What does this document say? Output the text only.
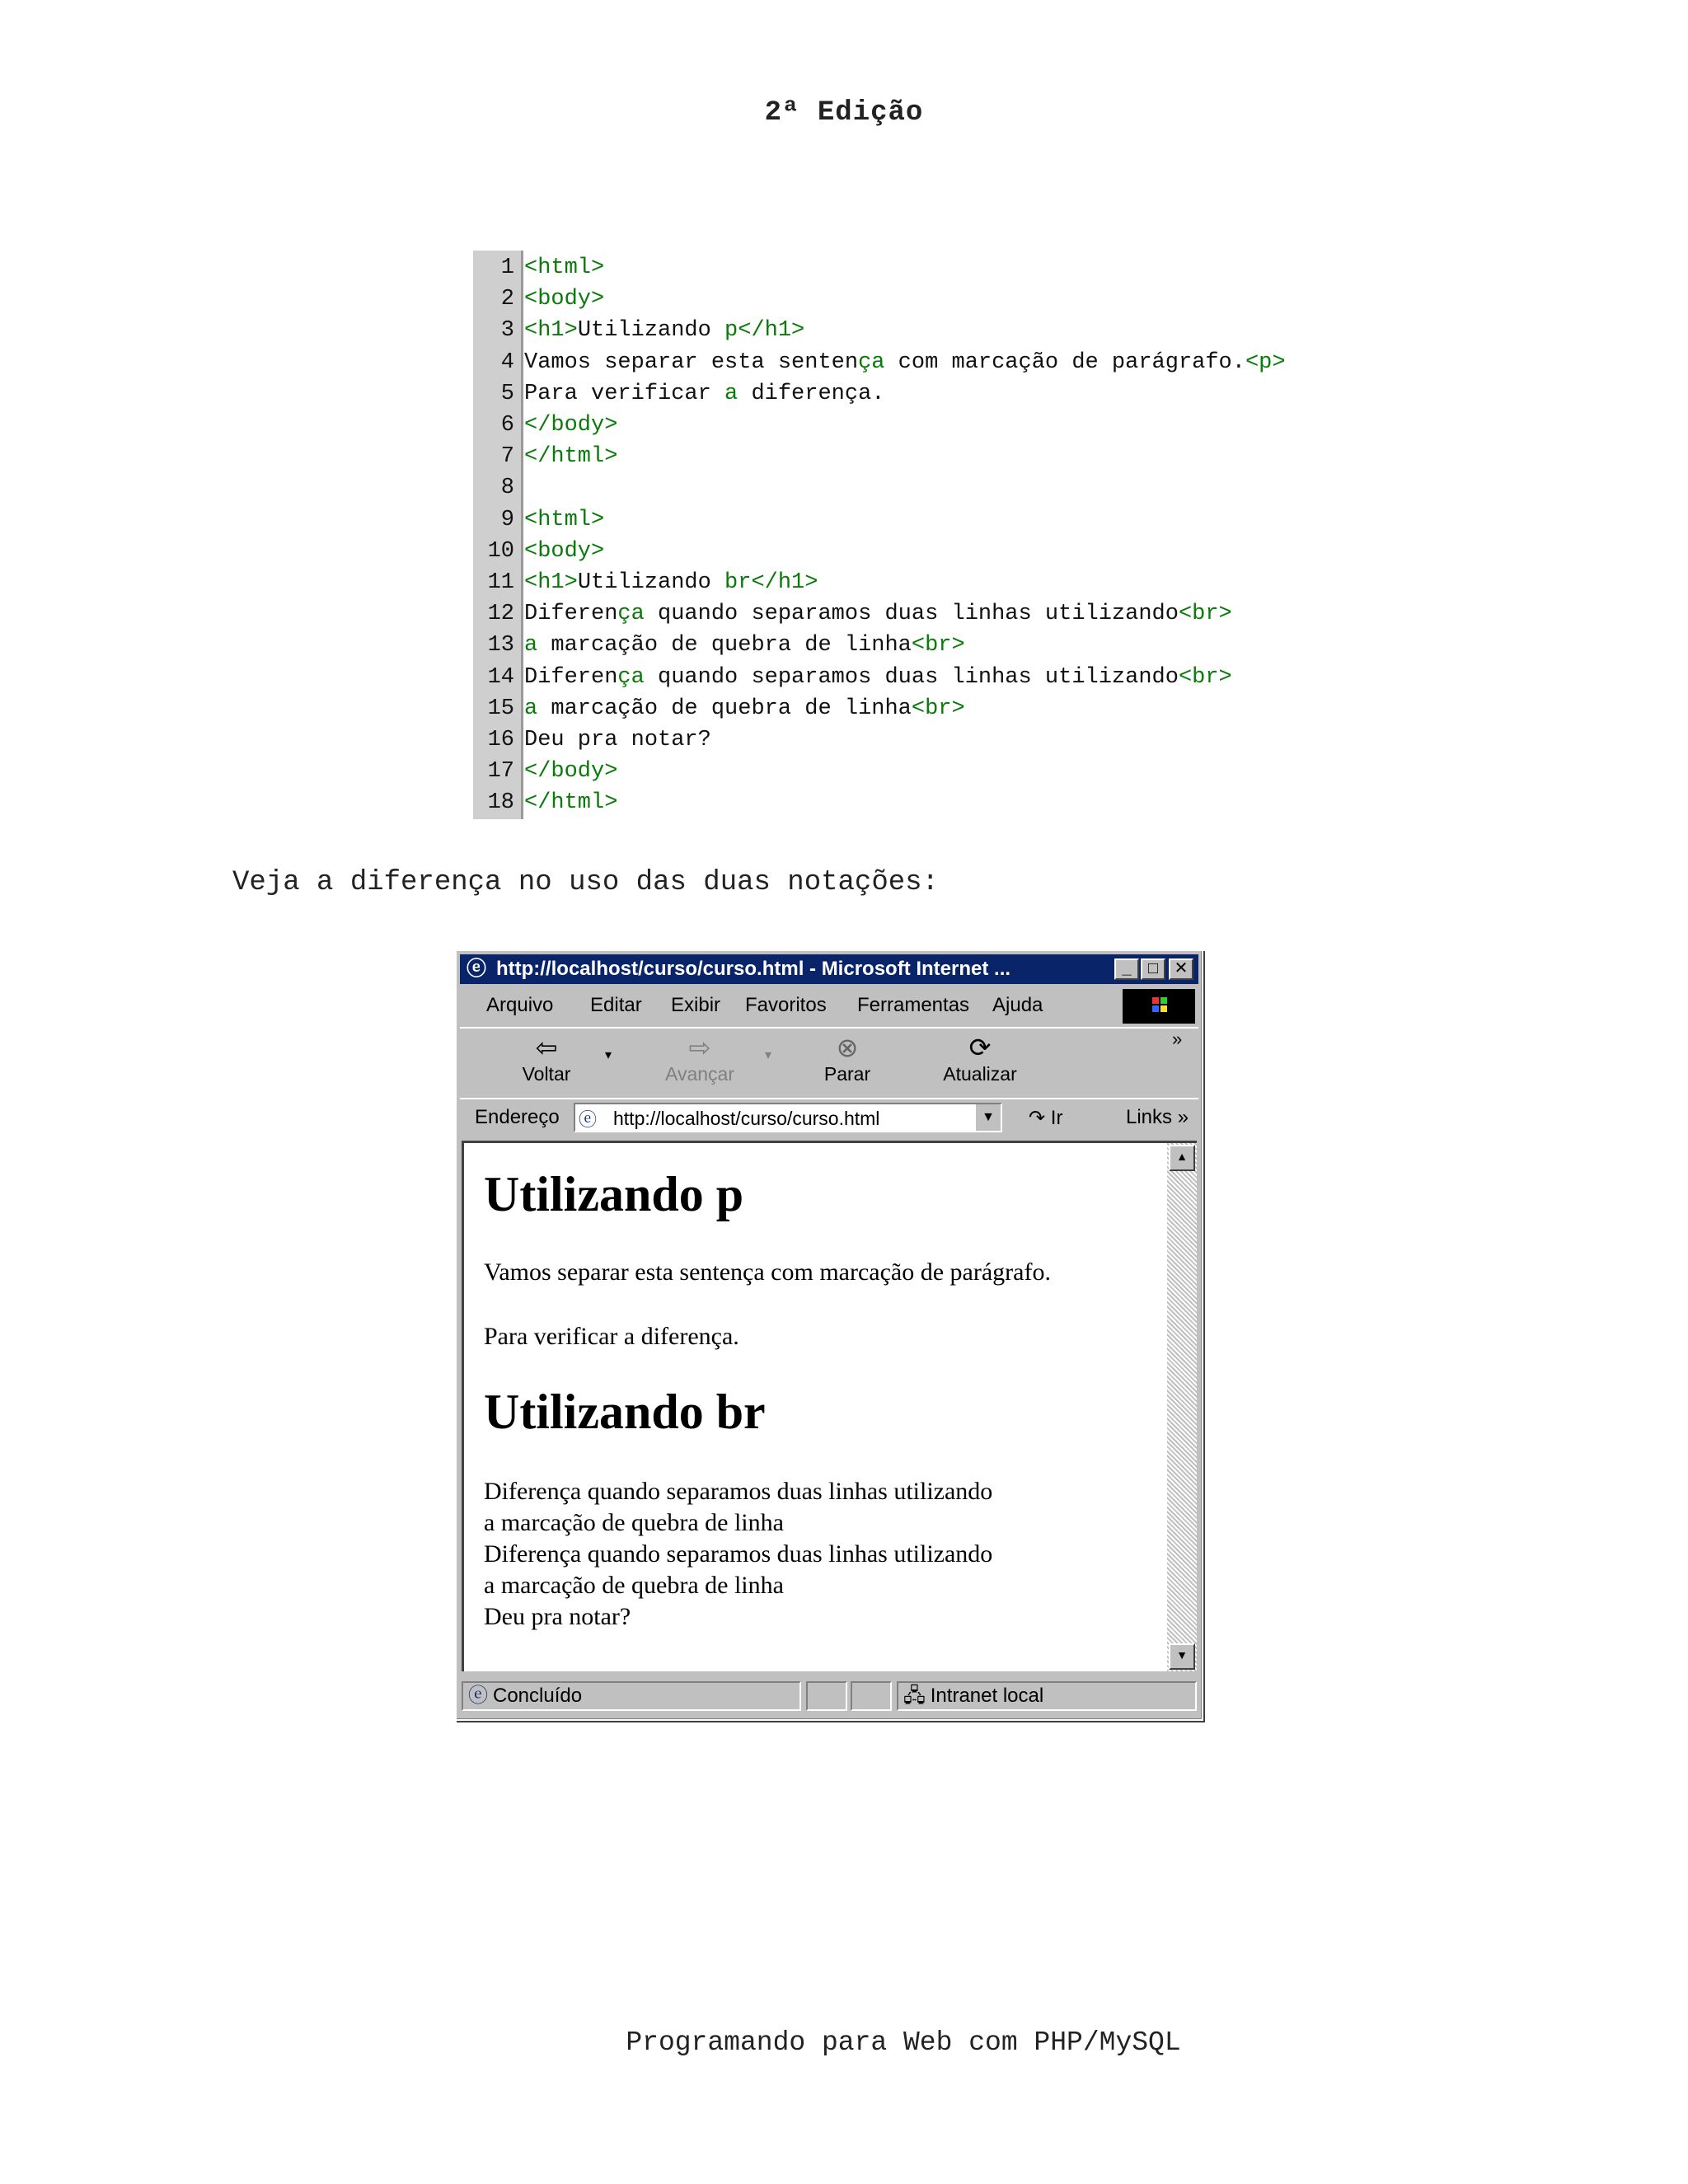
2ª Edição
1 <html>
2 <body>
3 <h1>Utilizando p</h1>
4 Vamos separar esta sentença com marcação de parágrafo.<p>
5 Para verificar a diferença.
6 </body>
7 </html>
8
9 <html>
10 <body>
11 <h1>Utilizando br</h1>
12 Diferença quando separamos duas linhas utilizando<br>
13 a marcação de quebra de linha<br>
14 Diferença quando separamos duas linhas utilizando<br>
15 a marcação de quebra de linha<br>
16 Deu pra notar?
17 </body>
18 </html>
Veja a diferença no uso das duas notações:
ⓔ http://localhost/curso/curso.html - Microsoft Internet ...	_	□ ✕
Arquivo Editar Exibir Favoritos Ferramentas Ajuda
⇦
Voltar
▾	⇨
Avançar
▾	⊗
Parar
⟳
Atualizar
»
Endereço ⓔ http://localhost/curso/curso.html	▼ ↷ Ir	Links »
Utilizando p
Vamos separar esta sentença com marcação de parágrafo.
Para verificar a diferença.
Utilizando br
Diferença quando separamos duas linhas utilizando
a marcação de quebra de linha
Diferença quando separamos duas linhas utilizando
a marcação de quebra de linha
Deu pra notar?
▲
▼
ⓔ Concluído	🖧 Intranet local
Programando para Web com PHP/MySQL
